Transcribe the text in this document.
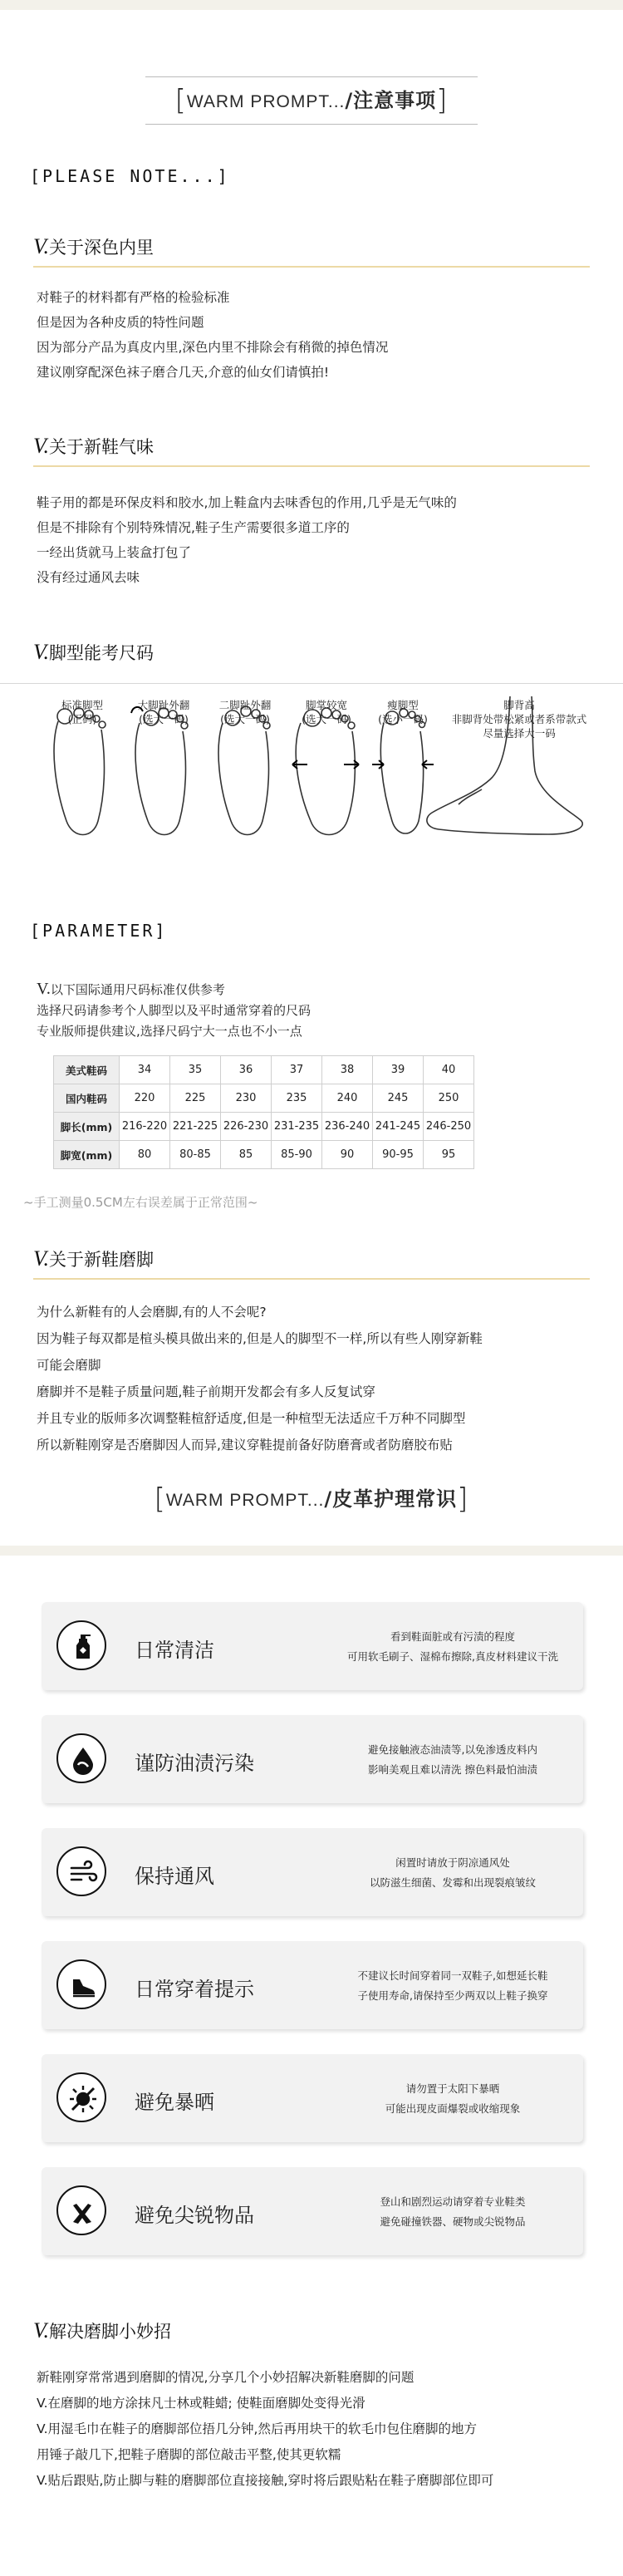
[WARM PROMPT.../注意事项]
[PLEASE NOTE...]
V.关于深色内里
对鞋子的材料都有严格的检验标准
但是因为各种皮质的特性问题
因为部分产品为真皮内里,深色内里不排除会有稍微的掉色情况
建议刚穿配深色袜子磨合几天,介意的仙女们请慎拍!
V.关于新鞋气味
鞋子用的都是环保皮料和胶水,加上鞋盒内去味香包的作用,几乎是无气味的
但是不排除有个别特殊情况,鞋子生产需要很多道工序的
一经出货就马上装盒打包了
没有经过通风去味
V.脚型能考尺码
标准脚型
(正码)
大脚趾外翻
(选大一码)
二脚趾外翻
(选大一码)
脚掌较宽
(选大一码)
瘦脚型
(选小一码)
脚背高
非脚背处带松紧或者系带款式
尽量选择大一码
[PARAMETER]
V.以下国际通用尺码标准仅供参考
选择尺码请参考个人脚型以及平时通常穿着的尺码
专业版师提供建议,选择尺码宁大一点也不小一点
美式鞋码	34	35	36	37	38	39	40
国内鞋码	220	225	230	235	240	245	250
脚长(mm)	216-220	221-225	226-230	231-235	236-240	241-245	246-250
脚宽(mm)	80	80-85	85	85-90	90	90-95	95
~手工测量0.5CM左右误差属于正常范围~
V.关于新鞋磨脚
为什么新鞋有的人会磨脚,有的人不会呢?
因为鞋子每双都是楦头模具做出来的,但是人的脚型不一样,所以有些人刚穿新鞋
可能会磨脚
磨脚并不是鞋子质量问题,鞋子前期开发都会有多人反复试穿
并且专业的版师多次调整鞋楦舒适度,但是一种楦型无法适应千万种不同脚型
所以新鞋刚穿是否磨脚因人而异,建议穿鞋提前备好防磨膏或者防磨胶布贴
[WARM PROMPT.../皮革护理常识]
日常清洁
看到鞋面脏或有污渍的程度
可用软毛刷子、湿棉布擦除,真皮材料建议干洗
谨防油渍污染
避免接触液态油渍等,以免渗透皮料内
影响美观且难以清洗 擦色料最怕油渍
保持通风
闲置时请放于阴凉通风处
以防滋生细菌、发霉和出现裂痕皱纹
日常穿着提示
不建议长时间穿着同一双鞋子,如想延长鞋
子使用寿命,请保持至少两双以上鞋子换穿
避免暴晒
请勿置于太阳下暴晒
可能出现皮面爆裂或收缩现象
避免尖锐物品
登山和剧烈运动请穿着专业鞋类
避免碰撞铁器、硬物或尖锐物品
V.解决磨脚小妙招
新鞋刚穿常常遇到磨脚的情况,分享几个小妙招解决新鞋磨脚的问题
V.在磨脚的地方涂抹凡士林或鞋蜡; 使鞋面磨脚处变得光滑
V.用湿毛巾在鞋子的磨脚部位捂几分钟,然后再用块干的软毛巾包住磨脚的地方
用锤子敲几下,把鞋子磨脚的部位敲击平整,使其更软糯
V.贴后跟贴,防止脚与鞋的磨脚部位直接接触,穿时将后跟贴粘在鞋子磨脚部位即可
